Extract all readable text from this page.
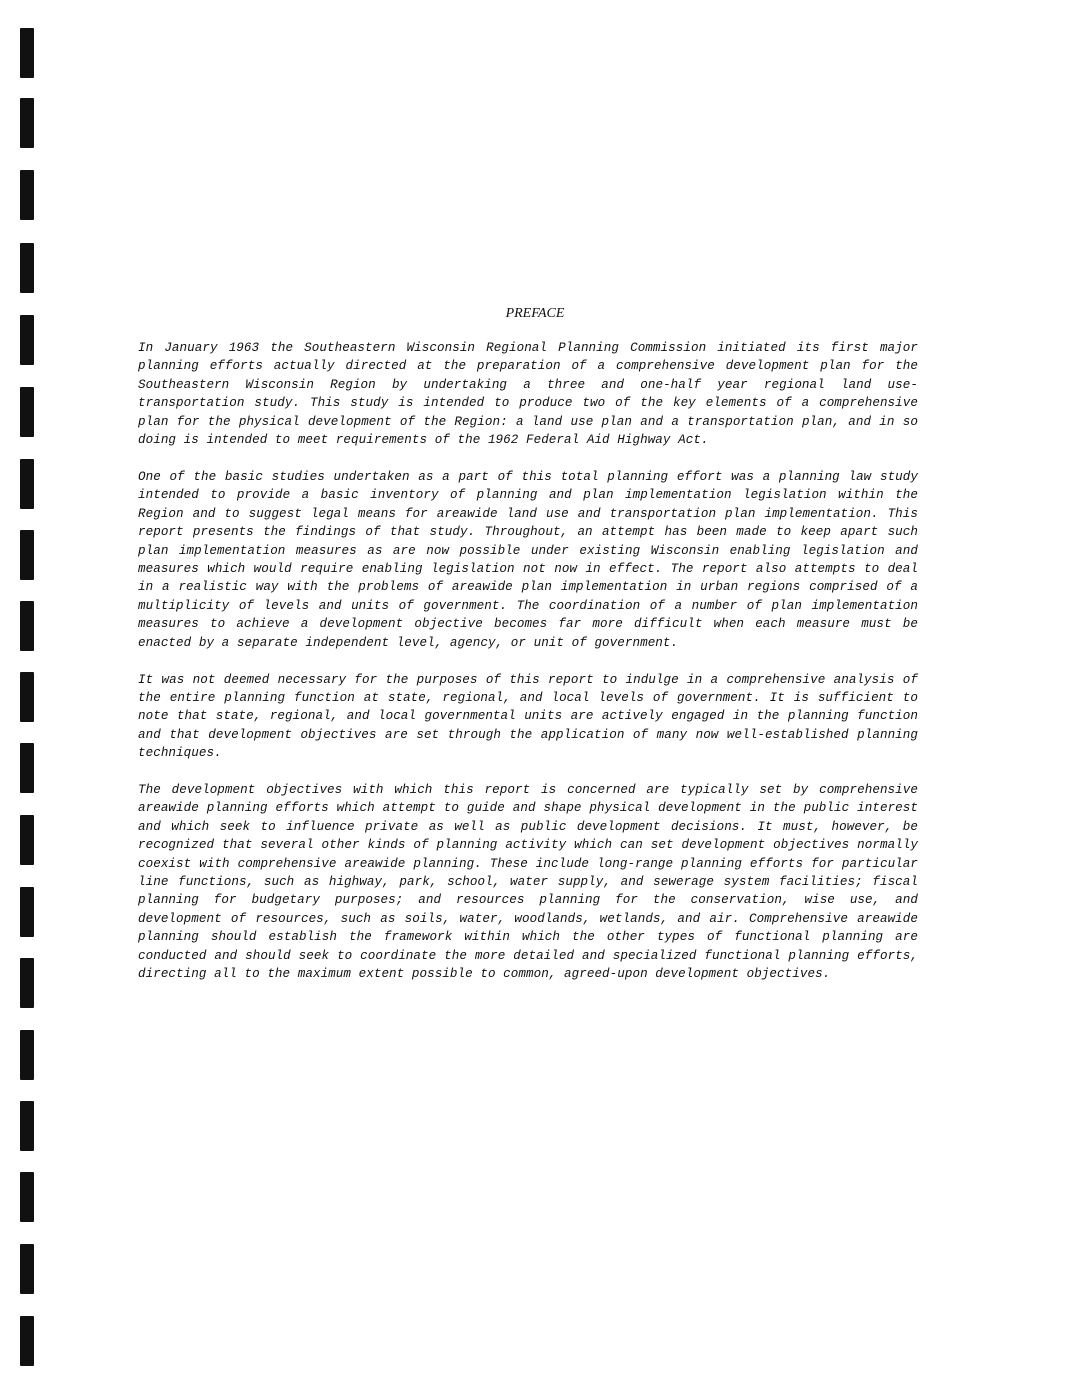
PREFACE

In January 1963 the Southeastern Wisconsin Regional Planning Commission initiated its first major planning efforts actually directed at the preparation of a comprehensive development plan for the Southeastern Wisconsin Region by undertaking a three and one-half year regional land use-transportation study. This study is intended to produce two of the key elements of a comprehensive plan for the physical development of the Region: a land use plan and a transportation plan, and in so doing is intended to meet requirements of the 1962 Federal Aid Highway Act.

One of the basic studies undertaken as a part of this total planning effort was a planning law study intended to provide a basic inventory of planning and plan implementation legislation within the Region and to suggest legal means for areawide land use and transportation plan implementation. This report presents the findings of that study. Throughout, an attempt has been made to keep apart such plan implementation measures as are now possible under existing Wisconsin enabling legislation and measures which would require enabling legislation not now in effect. The report also attempts to deal in a realistic way with the problems of areawide plan implementation in urban regions comprised of a multiplicity of levels and units of government. The coordination of a number of plan implementation measures to achieve a development objective becomes far more difficult when each measure must be enacted by a separate independent level, agency, or unit of government.

It was not deemed necessary for the purposes of this report to indulge in a comprehensive analysis of the entire planning function at state, regional, and local levels of government. It is sufficient to note that state, regional, and local governmental units are actively engaged in the planning function and that development objectives are set through the application of many now well-established planning techniques.

The development objectives with which this report is concerned are typically set by comprehensive areawide planning efforts which attempt to guide and shape physical development in the public interest and which seek to influence private as well as public development decisions. It must, however, be recognized that several other kinds of planning activity which can set development objectives normally coexist with comprehensive areawide planning. These include long-range planning efforts for particular line functions, such as highway, park, school, water supply, and sewerage system facilities; fiscal planning for budgetary purposes; and resources planning for the conservation, wise use, and development of resources, such as soils, water, woodlands, wetlands, and air. Comprehensive areawide planning should establish the framework within which the other types of functional planning are conducted and should seek to coordinate the more detailed and specialized functional planning efforts, directing all to the maximum extent possible to common, agreed-upon development objectives.
